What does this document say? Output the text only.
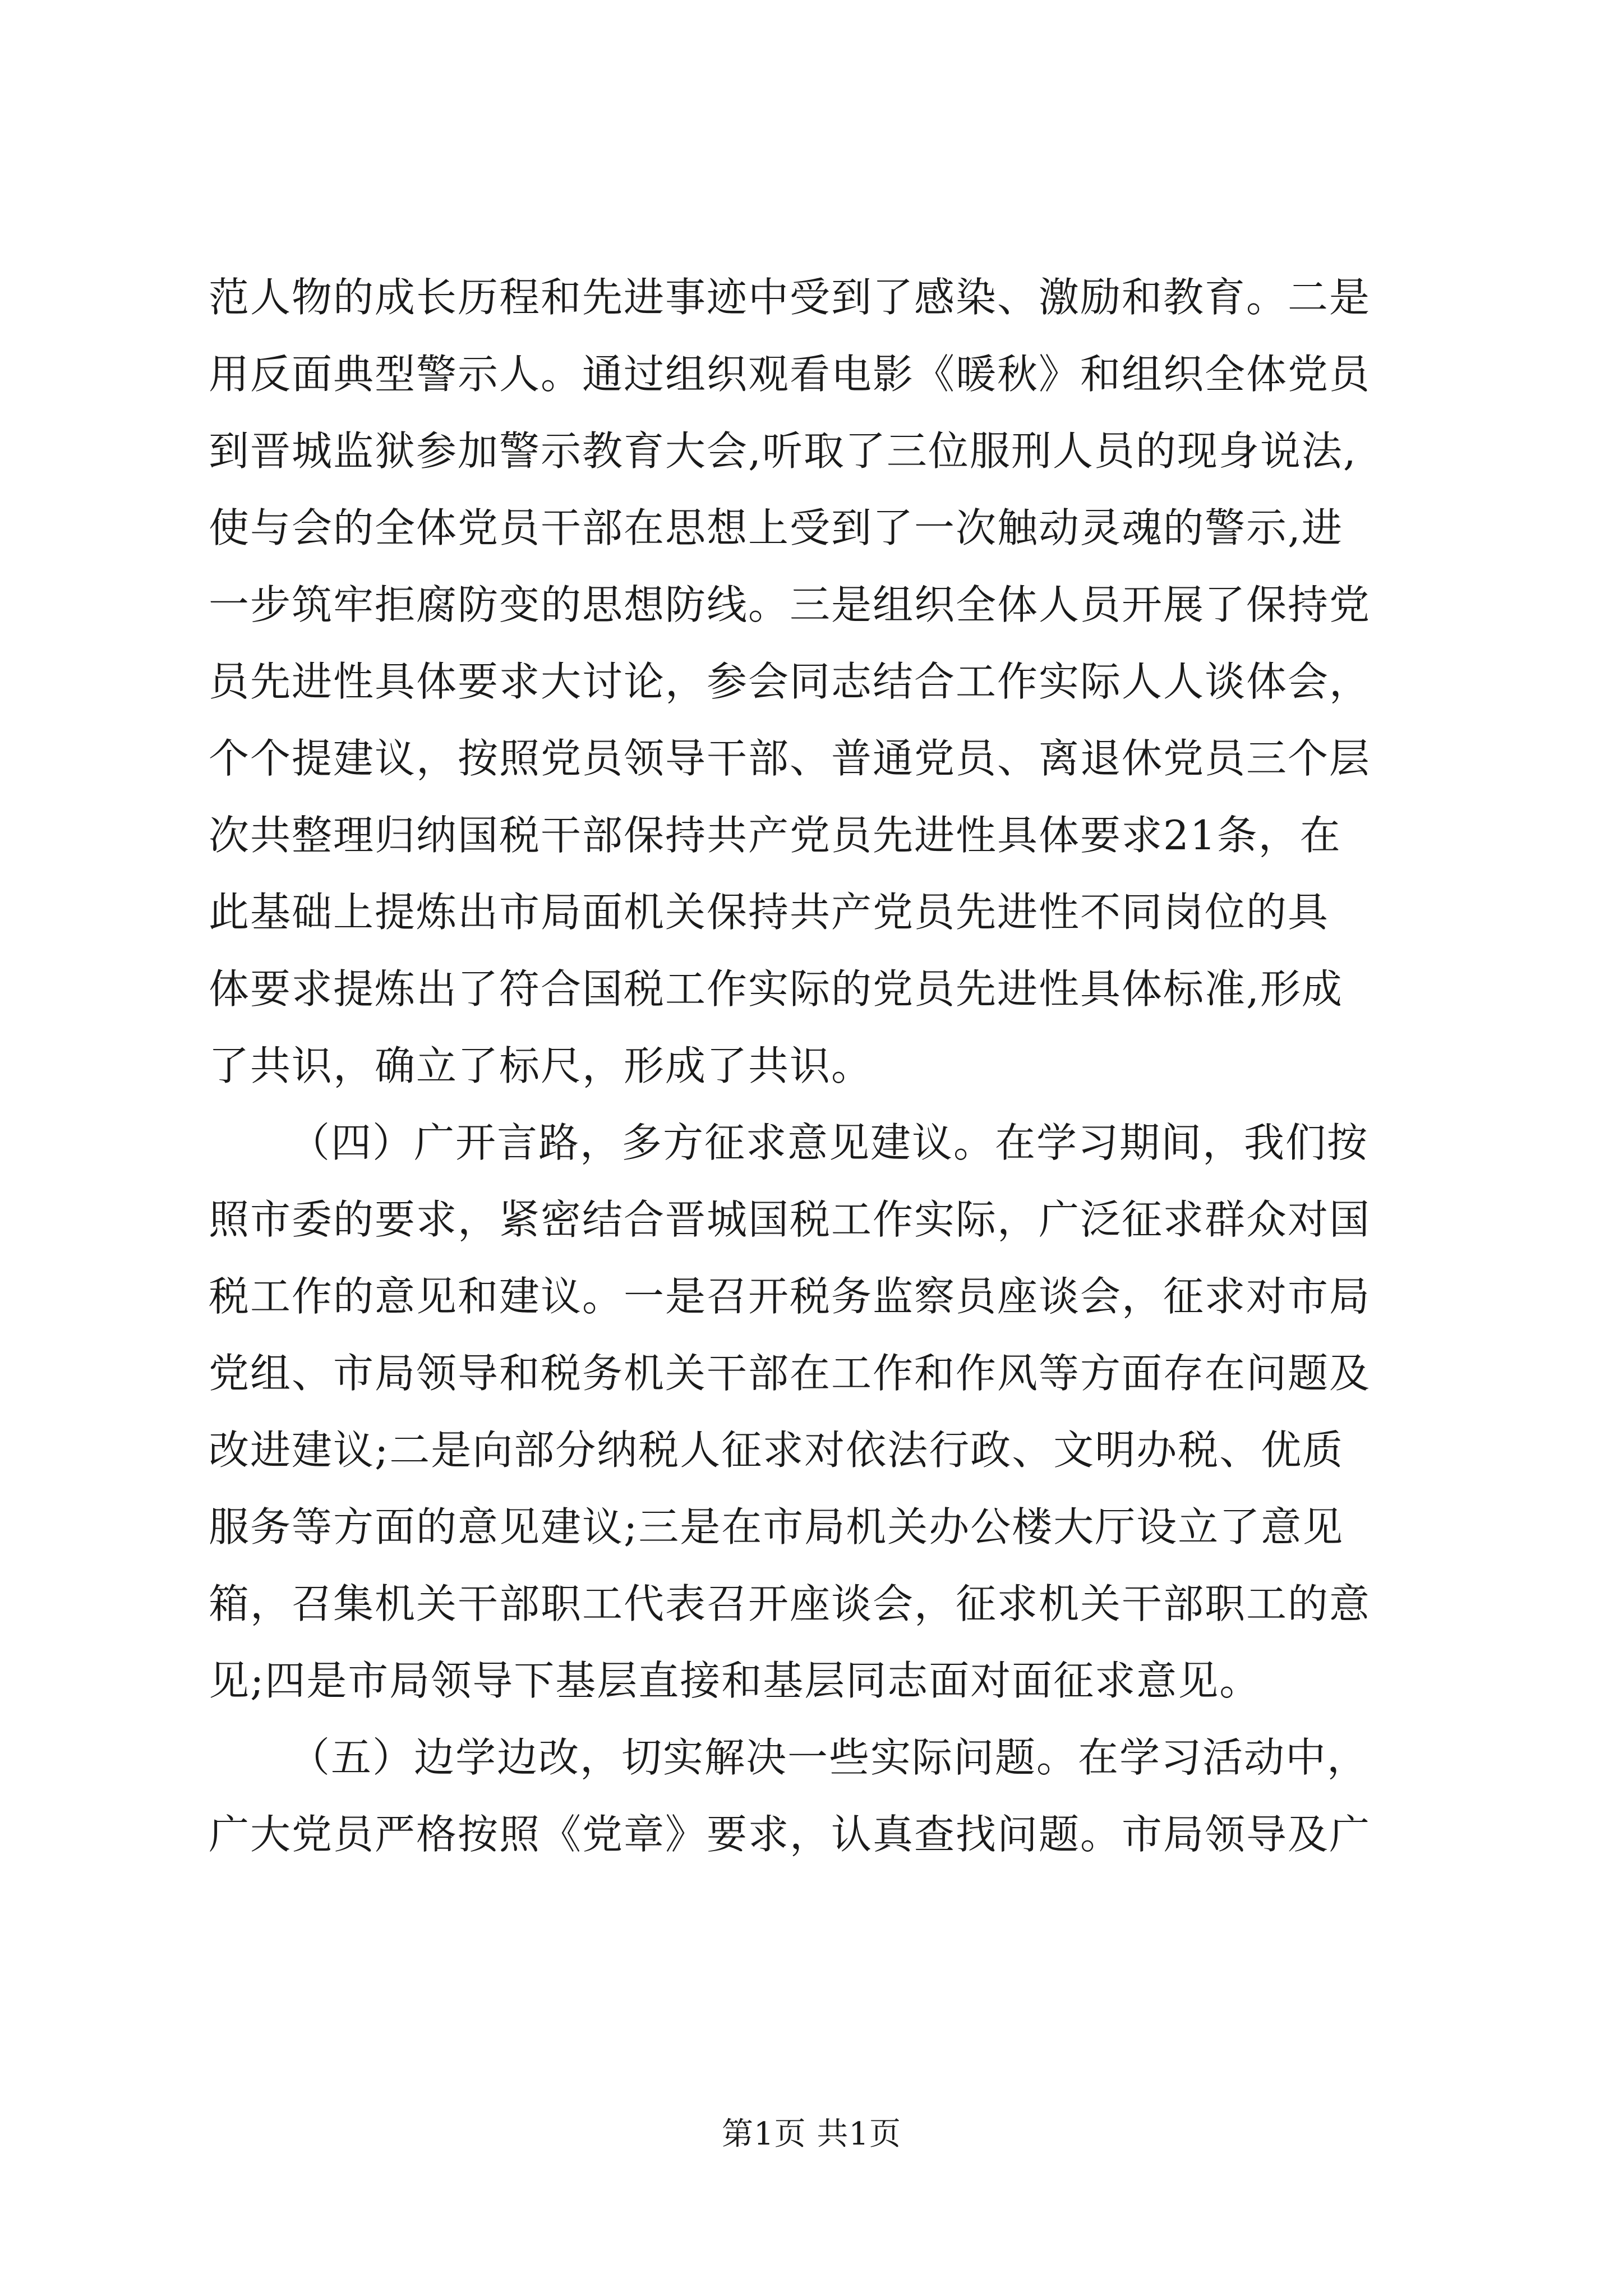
范人物的成长历程和先进事迹中受到了感染、激励和教育。二是
用反面典型警示人。通过组织观看电影《暖秋》和组织全体党员
到晋城监狱参加警示教育大会,听取了三位服刑人员的现身说法,
使与会的全体党员干部在思想上受到了一次触动灵魂的警示,进
一步筑牢拒腐防变的思想防线。三是组织全体人员开展了保持党
员先进性具体要求大讨论，参会同志结合工作实际人人谈体会，
个个提建议，按照党员领导干部、普通党员、离退休党员三个层
次共整理归纳国税干部保持共产党员先进性具体要求21条，在
此基础上提炼出市局面机关保持共产党员先进性不同岗位的具
体要求提炼出了符合国税工作实际的党员先进性具体标准,形成
了共识，确立了标尺，形成了共识。
（四）广开言路，多方征求意见建议。在学习期间，我们按
照市委的要求，紧密结合晋城国税工作实际，广泛征求群众对国
税工作的意见和建议。一是召开税务监察员座谈会，征求对市局
党组、市局领导和税务机关干部在工作和作风等方面存在问题及
改进建议;二是向部分纳税人征求对依法行政、文明办税、优质
服务等方面的意见建议;三是在市局机关办公楼大厅设立了意见
箱，召集机关干部职工代表召开座谈会，征求机关干部职工的意
见;四是市局领导下基层直接和基层同志面对面征求意见。
（五）边学边改，切实解决一些实际问题。在学习活动中，
广大党员严格按照《党章》要求，认真查找问题。市局领导及广
第1页 共1页
